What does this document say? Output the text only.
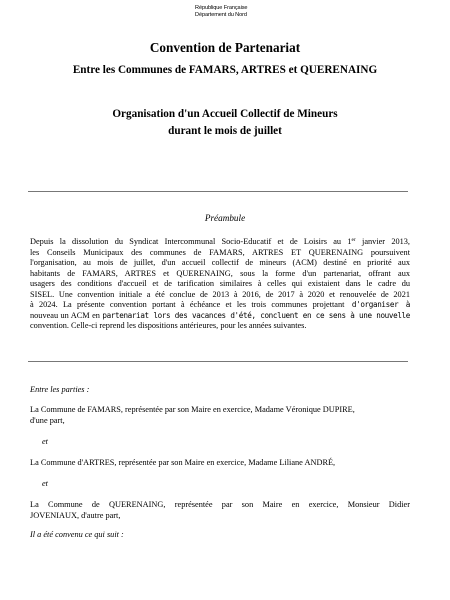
République Française
Département du Nord
Convention de Partenariat
Entre les Communes de FAMARS, ARTRES et QUERENAING
Organisation d'un Accueil Collectif de Mineurs
durant le mois de juillet
Préambule
Depuis la dissolution du Syndicat Intercommunal Socio-Educatif et de Loisirs au 1er janvier 2013,
les Conseils Municipaux des communes de FAMARS, ARTRES ET QUERENAING poursuivent
l'organisation, au mois de juillet, d'un accueil collectif de mineurs (ACM) destiné en priorité aux
habitants de FAMARS, ARTRES et QUERENAING, sous la forme d'un partenariat, offrant aux
usagers des conditions d'accueil et de tarification similaires à celles qui existaient dans le cadre du
SISEL. Une convention initiale a été conclue de 2013 à 2016, de 2017 à 2020 et renouvelée de 2021
à 2024. La présente convention portant à échéance et les trois communes projettant d'organiser à
nouveau un ACM en partenariat lors des vacances d'été, concluent en ce sens à une nouvelle
convention. Celle-ci reprend les dispositions antérieures, pour les années suivantes.
Entre les parties :
La Commune de FAMARS, représentée par son Maire en exercice, Madame Véronique DUPIRE,
d'une part,
et
La Commune d'ARTRES, représentée par son Maire en exercice, Madame Liliane ANDRÉ,
et
La Commune de QUERENAING, représentée par son Maire en exercice, Monsieur Didier
JOVENIAUX, d'autre part,
Il a été convenu ce qui suit :
